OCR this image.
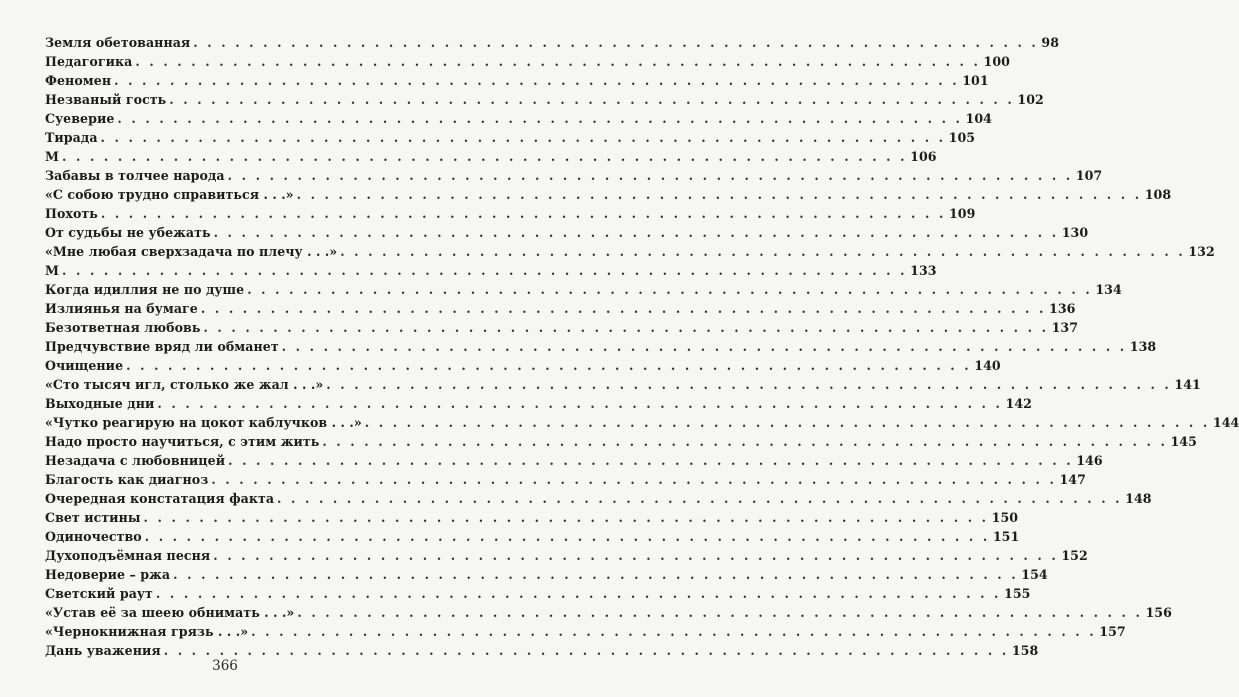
Земля обетованная . . . . . . . . . . . . . . . . . . . . . . . . . . . . . . . . . . . . . . . . . . . . . . . . . . . . . . . . . . . . . 98
Педагогика . . . . . . . . . . . . . . . . . . . . . . . . . . . . . . . . . . . . . . . . . . . . . . . . . . . . . . . . . . . . . 100
Феномен . . . . . . . . . . . . . . . . . . . . . . . . . . . . . . . . . . . . . . . . . . . . . . . . . . . . . . . . . . . . . 101
Незваный гость . . . . . . . . . . . . . . . . . . . . . . . . . . . . . . . . . . . . . . . . . . . . . . . . . . . . . . . . . . . . . 102
Суеверие . . . . . . . . . . . . . . . . . . . . . . . . . . . . . . . . . . . . . . . . . . . . . . . . . . . . . . . . . . . . . 104
Тирада . . . . . . . . . . . . . . . . . . . . . . . . . . . . . . . . . . . . . . . . . . . . . . . . . . . . . . . . . . . . . 105
М . . . . . . . . . . . . . . . . . . . . . . . . . . . . . . . . . . . . . . . . . . . . . . . . . . . . . . . . . . . . . 106
Забавы в толчее народа . . . . . . . . . . . . . . . . . . . . . . . . . . . . . . . . . . . . . . . . . . . . . . . . . . . . . . . . . . . . . 107
«С собою трудно справиться . . .» . . . . . . . . . . . . . . . . . . . . . . . . . . . . . . . . . . . . . . . . . . . . . . . . . . . . . . . . . . . . . 108
Похоть . . . . . . . . . . . . . . . . . . . . . . . . . . . . . . . . . . . . . . . . . . . . . . . . . . . . . . . . . . . . . 109
От судьбы не убежать . . . . . . . . . . . . . . . . . . . . . . . . . . . . . . . . . . . . . . . . . . . . . . . . . . . . . . . . . . . . . 130
«Мне любая сверхзадача по плечу . . .» . . . . . . . . . . . . . . . . . . . . . . . . . . . . . . . . . . . . . . . . . . . . . . . . . . . . . . . . . . . . . 132
М . . . . . . . . . . . . . . . . . . . . . . . . . . . . . . . . . . . . . . . . . . . . . . . . . . . . . . . . . . . . . 133
Когда идиллия не по душе . . . . . . . . . . . . . . . . . . . . . . . . . . . . . . . . . . . . . . . . . . . . . . . . . . . . . . . . . . . . . 134
Излиянья на бумаге . . . . . . . . . . . . . . . . . . . . . . . . . . . . . . . . . . . . . . . . . . . . . . . . . . . . . . . . . . . . . 136
Безответная любовь . . . . . . . . . . . . . . . . . . . . . . . . . . . . . . . . . . . . . . . . . . . . . . . . . . . . . . . . . . . . . 137
Предчувствие вряд ли обманет . . . . . . . . . . . . . . . . . . . . . . . . . . . . . . . . . . . . . . . . . . . . . . . . . . . . . . . . . . . . . 138
Очищение . . . . . . . . . . . . . . . . . . . . . . . . . . . . . . . . . . . . . . . . . . . . . . . . . . . . . . . . . . . . . 140
«Сто тысяч игл, столько же жал . . .» . . . . . . . . . . . . . . . . . . . . . . . . . . . . . . . . . . . . . . . . . . . . . . . . . . . . . . . . . . . . . 141
Выходные дни . . . . . . . . . . . . . . . . . . . . . . . . . . . . . . . . . . . . . . . . . . . . . . . . . . . . . . . . . . . . . 142
«Чутко реагирую на цокот каблучков . . .» . . . . . . . . . . . . . . . . . . . . . . . . . . . . . . . . . . . . . . . . . . . . . . . . . . . . . . . . . . . . . 144
Надо просто научиться, с этим жить . . . . . . . . . . . . . . . . . . . . . . . . . . . . . . . . . . . . . . . . . . . . . . . . . . . . . . . . . . . . . 145
Незадача с любовницей . . . . . . . . . . . . . . . . . . . . . . . . . . . . . . . . . . . . . . . . . . . . . . . . . . . . . . . . . . . . . 146
Благость как диагноз . . . . . . . . . . . . . . . . . . . . . . . . . . . . . . . . . . . . . . . . . . . . . . . . . . . . . . . . . . . . . 147
Очередная констатация факта . . . . . . . . . . . . . . . . . . . . . . . . . . . . . . . . . . . . . . . . . . . . . . . . . . . . . . . . . . . . . 148
Свет истины . . . . . . . . . . . . . . . . . . . . . . . . . . . . . . . . . . . . . . . . . . . . . . . . . . . . . . . . . . . . . 150
Одиночество . . . . . . . . . . . . . . . . . . . . . . . . . . . . . . . . . . . . . . . . . . . . . . . . . . . . . . . . . . . . . 151
Духоподъёмная песня . . . . . . . . . . . . . . . . . . . . . . . . . . . . . . . . . . . . . . . . . . . . . . . . . . . . . . . . . . . . . 152
Недоверие – ржа . . . . . . . . . . . . . . . . . . . . . . . . . . . . . . . . . . . . . . . . . . . . . . . . . . . . . . . . . . . . . 154
Светский раут . . . . . . . . . . . . . . . . . . . . . . . . . . . . . . . . . . . . . . . . . . . . . . . . . . . . . . . . . . . . . 155
«Устав её за шеею обнимать . . .» . . . . . . . . . . . . . . . . . . . . . . . . . . . . . . . . . . . . . . . . . . . . . . . . . . . . . . . . . . . . . 156
«Чернокнижная грязь . . .» . . . . . . . . . . . . . . . . . . . . . . . . . . . . . . . . . . . . . . . . . . . . . . . . . . . . . . . . . . . . . 157
Дань уважения . . . . . . . . . . . . . . . . . . . . . . . . . . . . . . . . . . . . . . . . . . . . . . . . . . . . . . . . . . . . . 158
366
